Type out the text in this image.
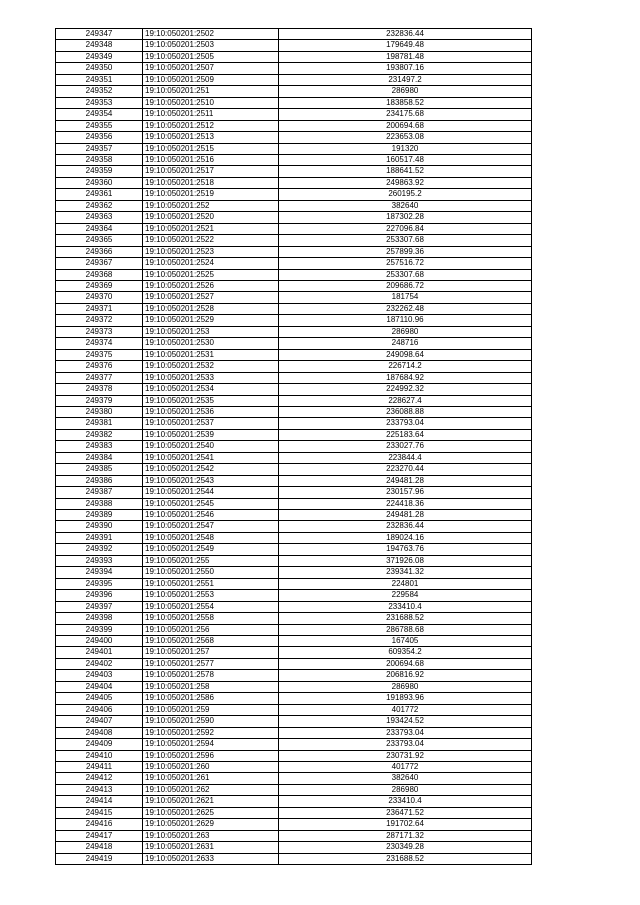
249347	19:10:050201:2502	232836.44
249348	19:10:050201:2503	179649.48
249349	19:10:050201:2505	198781.48
249350	19:10:050201:2507	193807.16
249351	19:10:050201:2509	231497.2
249352	19:10:050201:251	286980
249353	19:10:050201:2510	183858.52
249354	19:10:050201:2511	234175.68
249355	19:10:050201:2512	200694.68
249356	19:10:050201:2513	223653.08
249357	19:10:050201:2515	191320
249358	19:10:050201:2516	160517.48
249359	19:10:050201:2517	188641.52
249360	19:10:050201:2518	249863.92
249361	19:10:050201:2519	260195.2
249362	19:10:050201:252	382640
249363	19:10:050201:2520	187302.28
249364	19:10:050201:2521	227096.84
249365	19:10:050201:2522	253307.68
249366	19:10:050201:2523	257899.36
249367	19:10:050201:2524	257516.72
249368	19:10:050201:2525	253307.68
249369	19:10:050201:2526	209686.72
249370	19:10:050201:2527	181754
249371	19:10:050201:2528	232262.48
249372	19:10:050201:2529	187110.96
249373	19:10:050201:253	286980
249374	19:10:050201:2530	248716
249375	19:10:050201:2531	249098.64
249376	19:10:050201:2532	226714.2
249377	19:10:050201:2533	187684.92
249378	19:10:050201:2534	224992.32
249379	19:10:050201:2535	228627.4
249380	19:10:050201:2536	236088.88
249381	19:10:050201:2537	233793.04
249382	19:10:050201:2539	225183.64
249383	19:10:050201:2540	233027.76
249384	19:10:050201:2541	223844.4
249385	19:10:050201:2542	223270.44
249386	19:10:050201:2543	249481.28
249387	19:10:050201:2544	230157.96
249388	19:10:050201:2545	224418.36
249389	19:10:050201:2546	249481.28
249390	19:10:050201:2547	232836.44
249391	19:10:050201:2548	189024.16
249392	19:10:050201:2549	194763.76
249393	19:10:050201:255	371926.08
249394	19:10:050201:2550	239341.32
249395	19:10:050201:2551	224801
249396	19:10:050201:2553	229584
249397	19:10:050201:2554	233410.4
249398	19:10:050201:2558	231688.52
249399	19:10:050201:256	286788.68
249400	19:10:050201:2568	167405
249401	19:10:050201:257	609354.2
249402	19:10:050201:2577	200694.68
249403	19:10:050201:2578	206816.92
249404	19:10:050201:258	286980
249405	19:10:050201:2586	191893.96
249406	19:10:050201:259	401772
249407	19:10:050201:2590	193424.52
249408	19:10:050201:2592	233793.04
249409	19:10:050201:2594	233793.04
249410	19:10:050201:2596	230731.92
249411	19:10:050201:260	401772
249412	19:10:050201:261	382640
249413	19:10:050201:262	286980
249414	19:10:050201:2621	233410.4
249415	19:10:050201:2625	236471.52
249416	19:10:050201:2629	191702.64
249417	19:10:050201:263	287171.32
249418	19:10:050201:2631	230349.28
249419	19:10:050201:2633	231688.52
